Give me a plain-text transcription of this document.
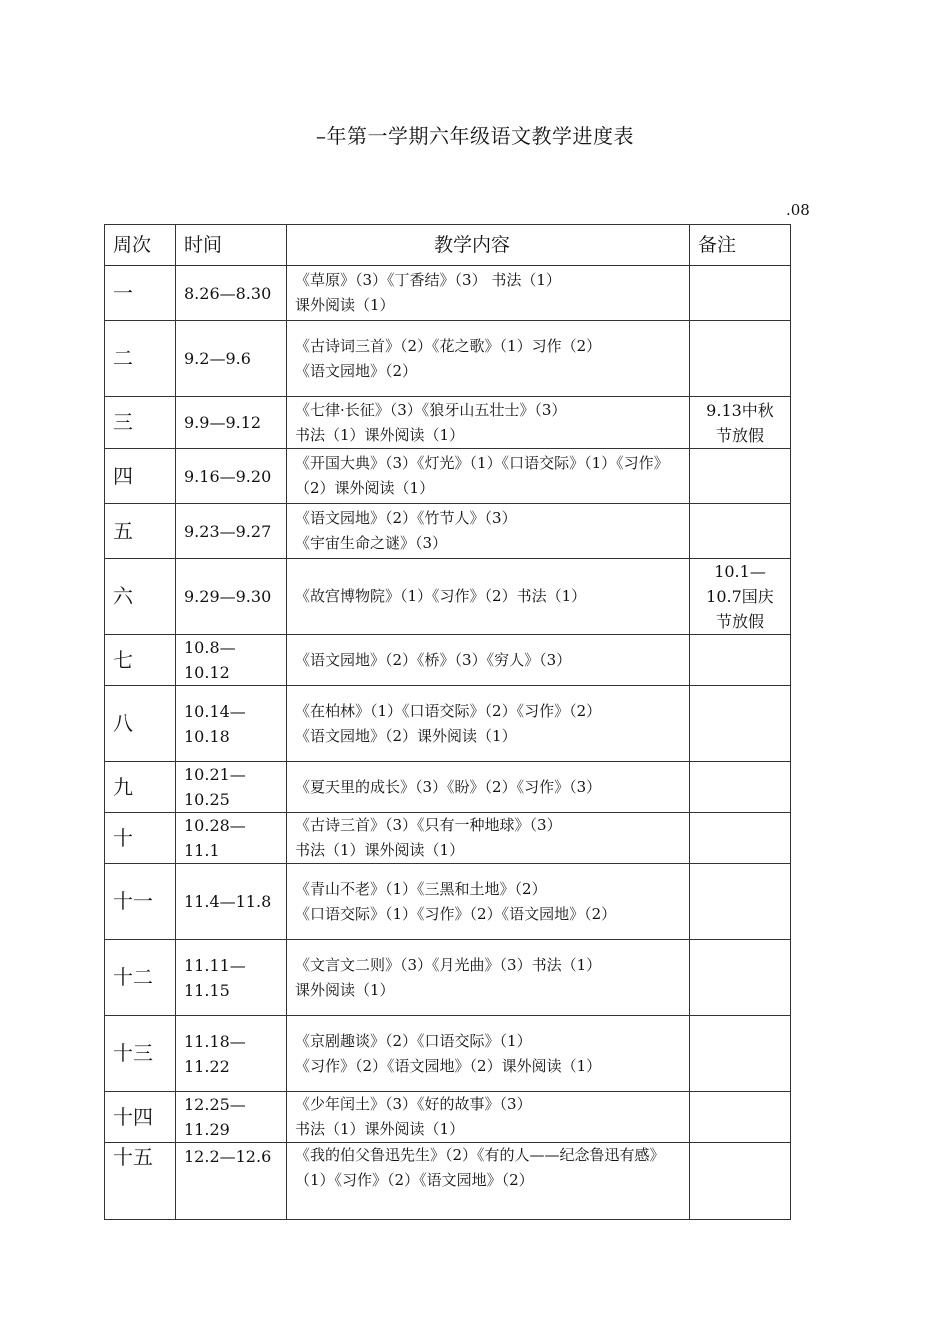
–年第一学期六年级语文教学进度表
.08
周次	时间	教学内容	备注
一	8.26—8.30	《草原》（3）《丁香结》（3） 书法（1）
课外阅读（1）	
二	9.2—9.6	《古诗词三首》（2）《花之歌》（1）习作（2）
《语文园地》（2）	
三	9.9—9.12	《七律·长征》（3）《狼牙山五壮士》（3）
书法（1）课外阅读（1）	9.13中秋
节放假
四	9.16—9.20	《开国大典》（3）《灯光》（1）《口语交际》（1）《习作》（2）课外阅读（1）	
五	9.23—9.27	《语文园地》（2）《竹节人》（3）
《宇宙生命之谜》（3）	
六	9.29—9.30	《故宫博物院》（1）《习作》（2）书法（1）	10.1—
10.7国庆
节放假
七	10.8—
10.12	《语文园地》（2）《桥》（3）《穷人》（3）	
八	10.14—
10.18	《在柏林》（1）《口语交际》（2）《习作》（2）
《语文园地》（2）课外阅读（1）	
九	10.21—
10.25	《夏天里的成长》（3）《盼》（2）《习作》（3）	
十	10.28—
11.1	《古诗三首》（3）《只有一种地球》（3）
书法（1）课外阅读（1）	
十一	11.4—11.8	《青山不老》（1）《三黑和土地》（2）
《口语交际》（1）《习作》（2）《语文园地》（2）	
十二	11.11—
11.15	《文言文二则》（3）《月光曲》（3）书法（1）
课外阅读（1）	
十三	11.18—
11.22	《京剧趣谈》（2）《口语交际》（1）
《习作》（2）《语文园地》（2）课外阅读（1）	
十四	12.25—
11.29	《少年闰土》（3）《好的故事》（3）
书法（1）课外阅读（1）	
十五	12.2—12.6	《我的伯父鲁迅先生》（2）《有的人——纪念鲁迅有感》（1）《习作》（2）《语文园地》（2）	
